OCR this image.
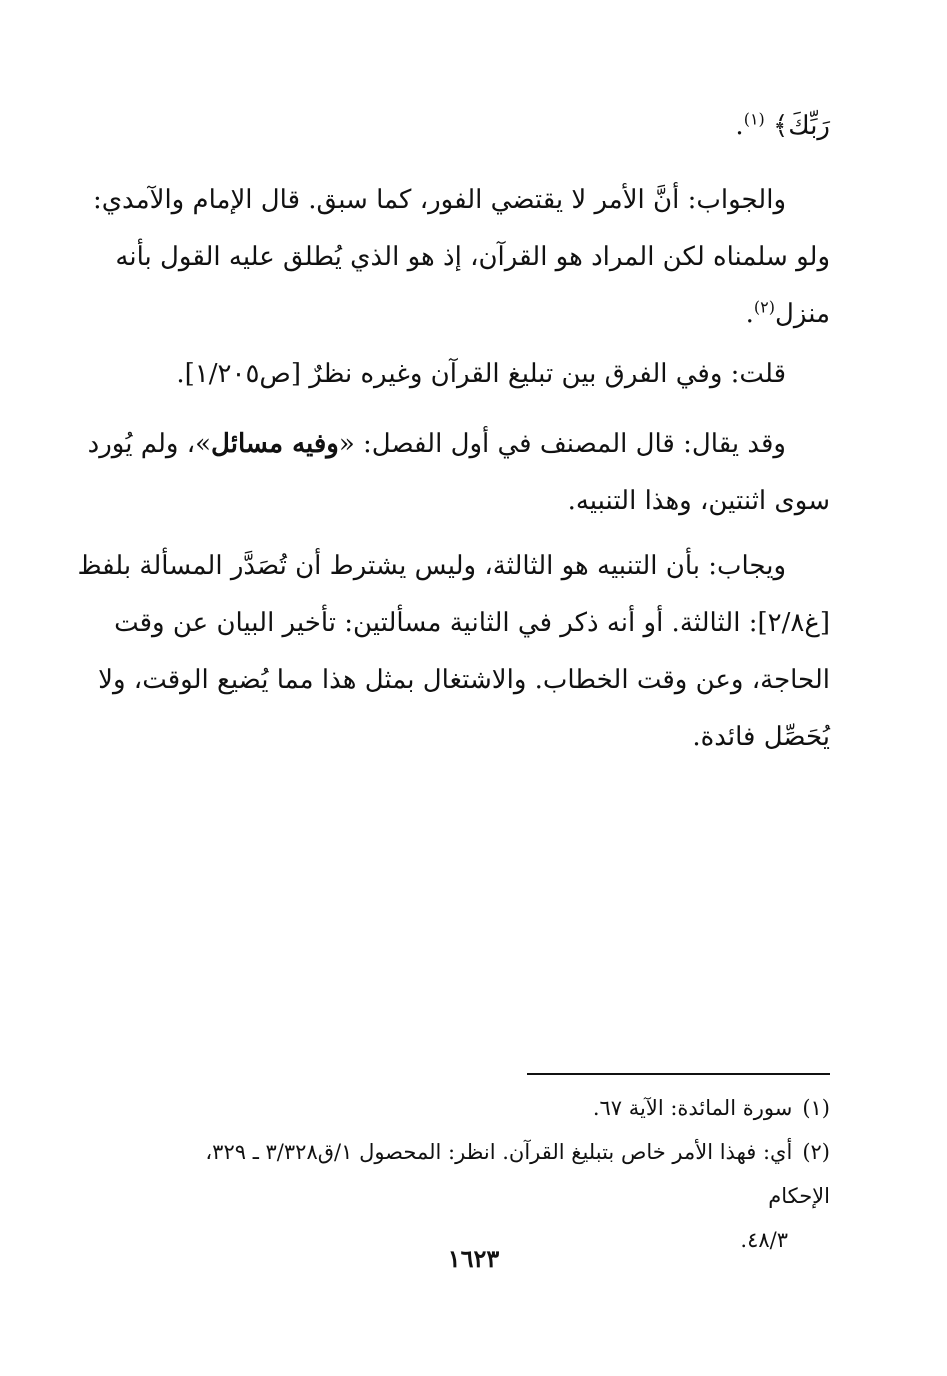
رَبِّكَ﴾ $^{(١)}$.
والجواب: أنَّ الأمر لا يقتضي الفور، كما سبق. قال الإمام والآمدي:
ولو سلمناه لكن المراد هو القرآن، إذ هو الذي يُطلق عليه القول بأنه
منزل$^{(٢)}$.
قلت: وفي الفرق بين تبليغ القرآن وغيره نظرٌ [ص١/٢٠٥].
وقد يقال: قال المصنف في أول الفصل: «وفيه مسائل»، ولم يُورد
سوى اثنتين، وهذا التنبيه.
ويجاب: بأن التنبيه هو الثالثة، وليس يشترط أن تُصَدَّر المسألة بلفظ
[غ٢/٨]: الثالثة. أو أنه ذكر في الثانية مسألتين: تأخير البيان عن وقت
الحاجة، وعن وقت الخطاب. والاشتغال بمثل هذا مما يُضيع الوقت، ولا
يُحَصِّل فائدة.
(١)سورة المائدة: الآية ٦٧.
(٢)أي: فهذا الأمر خاص بتبليغ القرآن. انظر: المحصول ١/ق٣/٣٢٨ ـ ٣٢٩، الإحكام
٤٨/٣.
١٦٢٣
